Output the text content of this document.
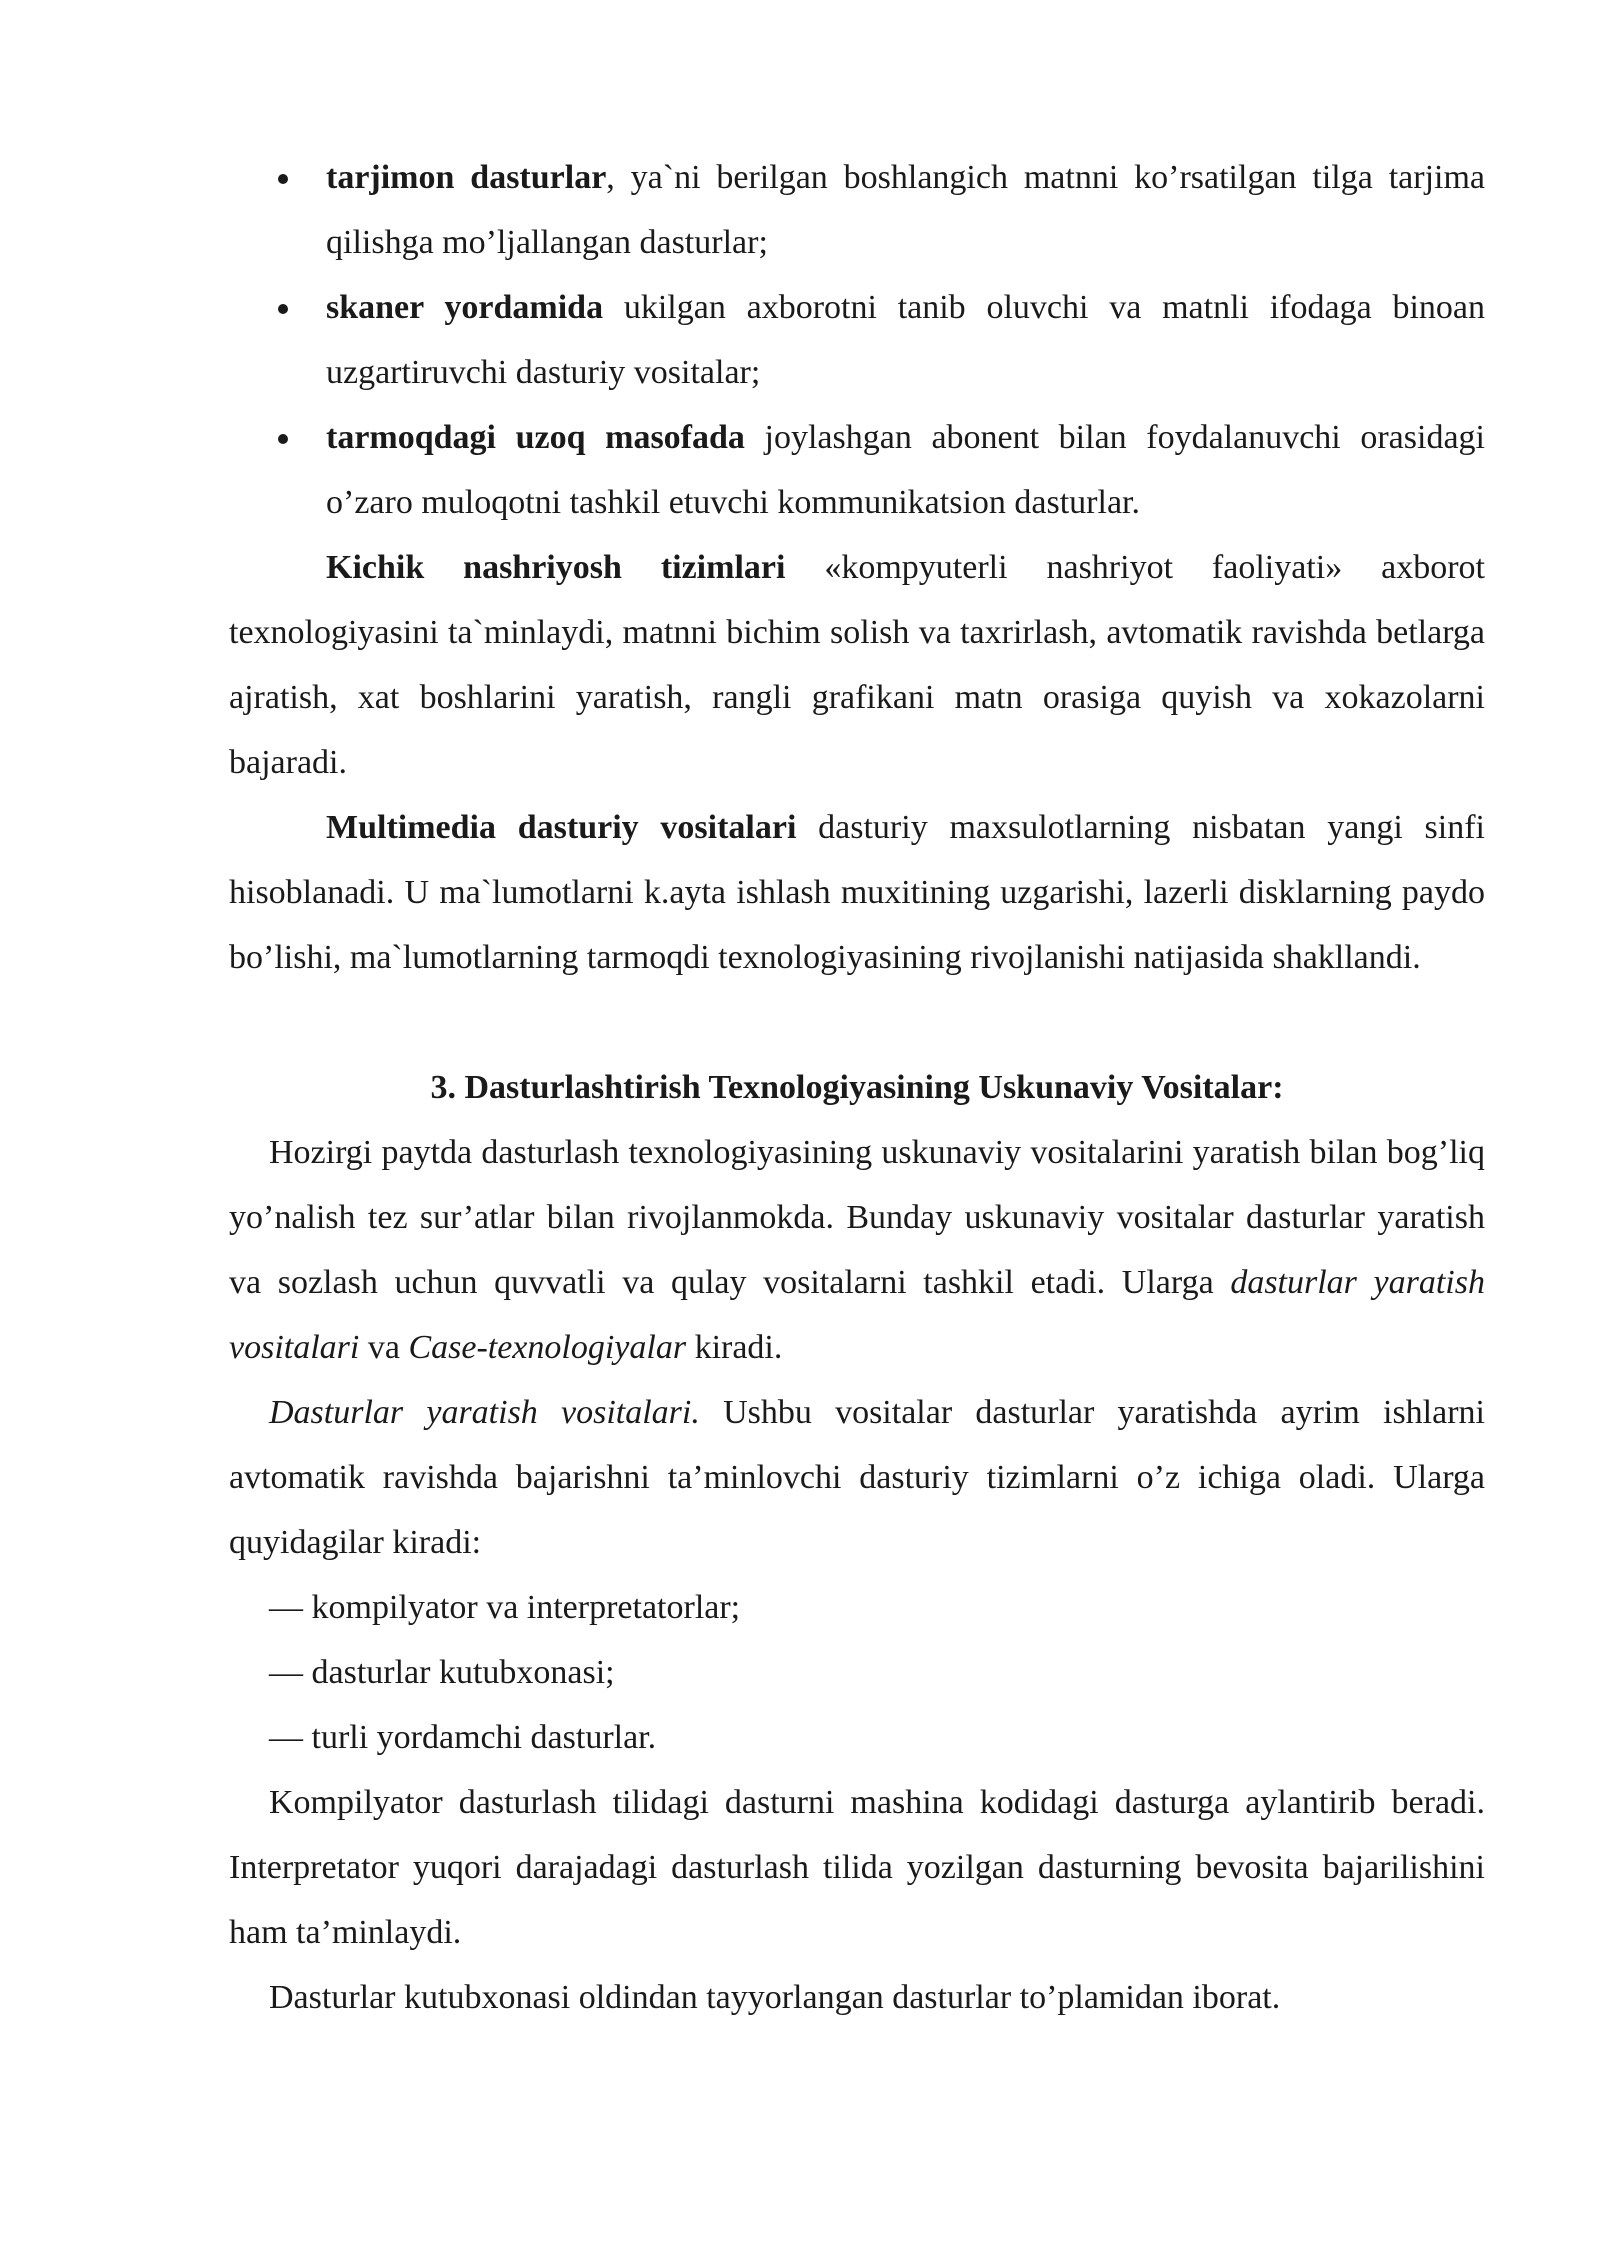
tarjimon dasturlar, ya`ni berilgan boshlangich matnni ko’rsatilgan tilga tarjima qilishga mo’ljallangan dasturlar;
skaner yordamida ukilgan axborotni tanib oluvchi va matnli ifodaga binoan uzgartiruvchi dasturiy vositalar;
tarmoqdagi uzoq masofada joylashgan abonent bilan foydalanuvchi orasidagi o’zaro muloqotni tashkil etuvchi kommunikatsion dasturlar.

Kichik nashriyosh tizimlari «kompyuterli nashriyot faoliyati» axborot texnologiyasini ta`minlaydi, matnni bichim solish va taxrirlash, avtomatik ravishda betlarga ajratish, xat boshlarini yaratish, rangli grafikani matn orasiga quyish va xokazolarni bajaradi.

Multimedia dasturiy vositalari dasturiy maxsulotlarning nisbatan yangi sinfi hisoblanadi. U ma`lumotlarni k.ayta ishlash muxitining uzgarishi, lazerli disklarning paydo bo’lishi, ma`lumotlarning tarmoqdi texnologiyasining rivojlanishi natijasida shakllandi.

3. Dasturlashtirish Texnologiyasining Uskunaviy Vositalar:

Hozirgi paytda dasturlash texnologiyasining uskunaviy vositalarini yaratish bilan bog’liq yo’nalish tez sur’atlar bilan rivojlanmokda. Bunday uskunaviy vositalar dasturlar yaratish va sozlash uchun quvvatli va qulay vositalarni tashkil etadi. Ularga dasturlar yaratish vositalari va Case-texnologiyalar kiradi.

Dasturlar yaratish vositalari. Ushbu vositalar dasturlar yaratishda ayrim ishlarni avtomatik ravishda bajarishni ta’minlovchi dasturiy tizimlarni o’z ichiga oladi. Ularga quyidagilar kiradi:

— kompilyator va interpretatorlar;

— dasturlar kutubxonasi;

— turli yordamchi dasturlar.

Kompilyator dasturlash tilidagi dasturni mashina kodidagi dasturga aylantirib beradi. Interpretator yuqori darajadagi dasturlash tilida yozilgan dasturning bevosita bajarilishini ham ta’minlaydi.

Dasturlar kutubxonasi oldindan tayyorlangan dasturlar to’plamidan iborat.
